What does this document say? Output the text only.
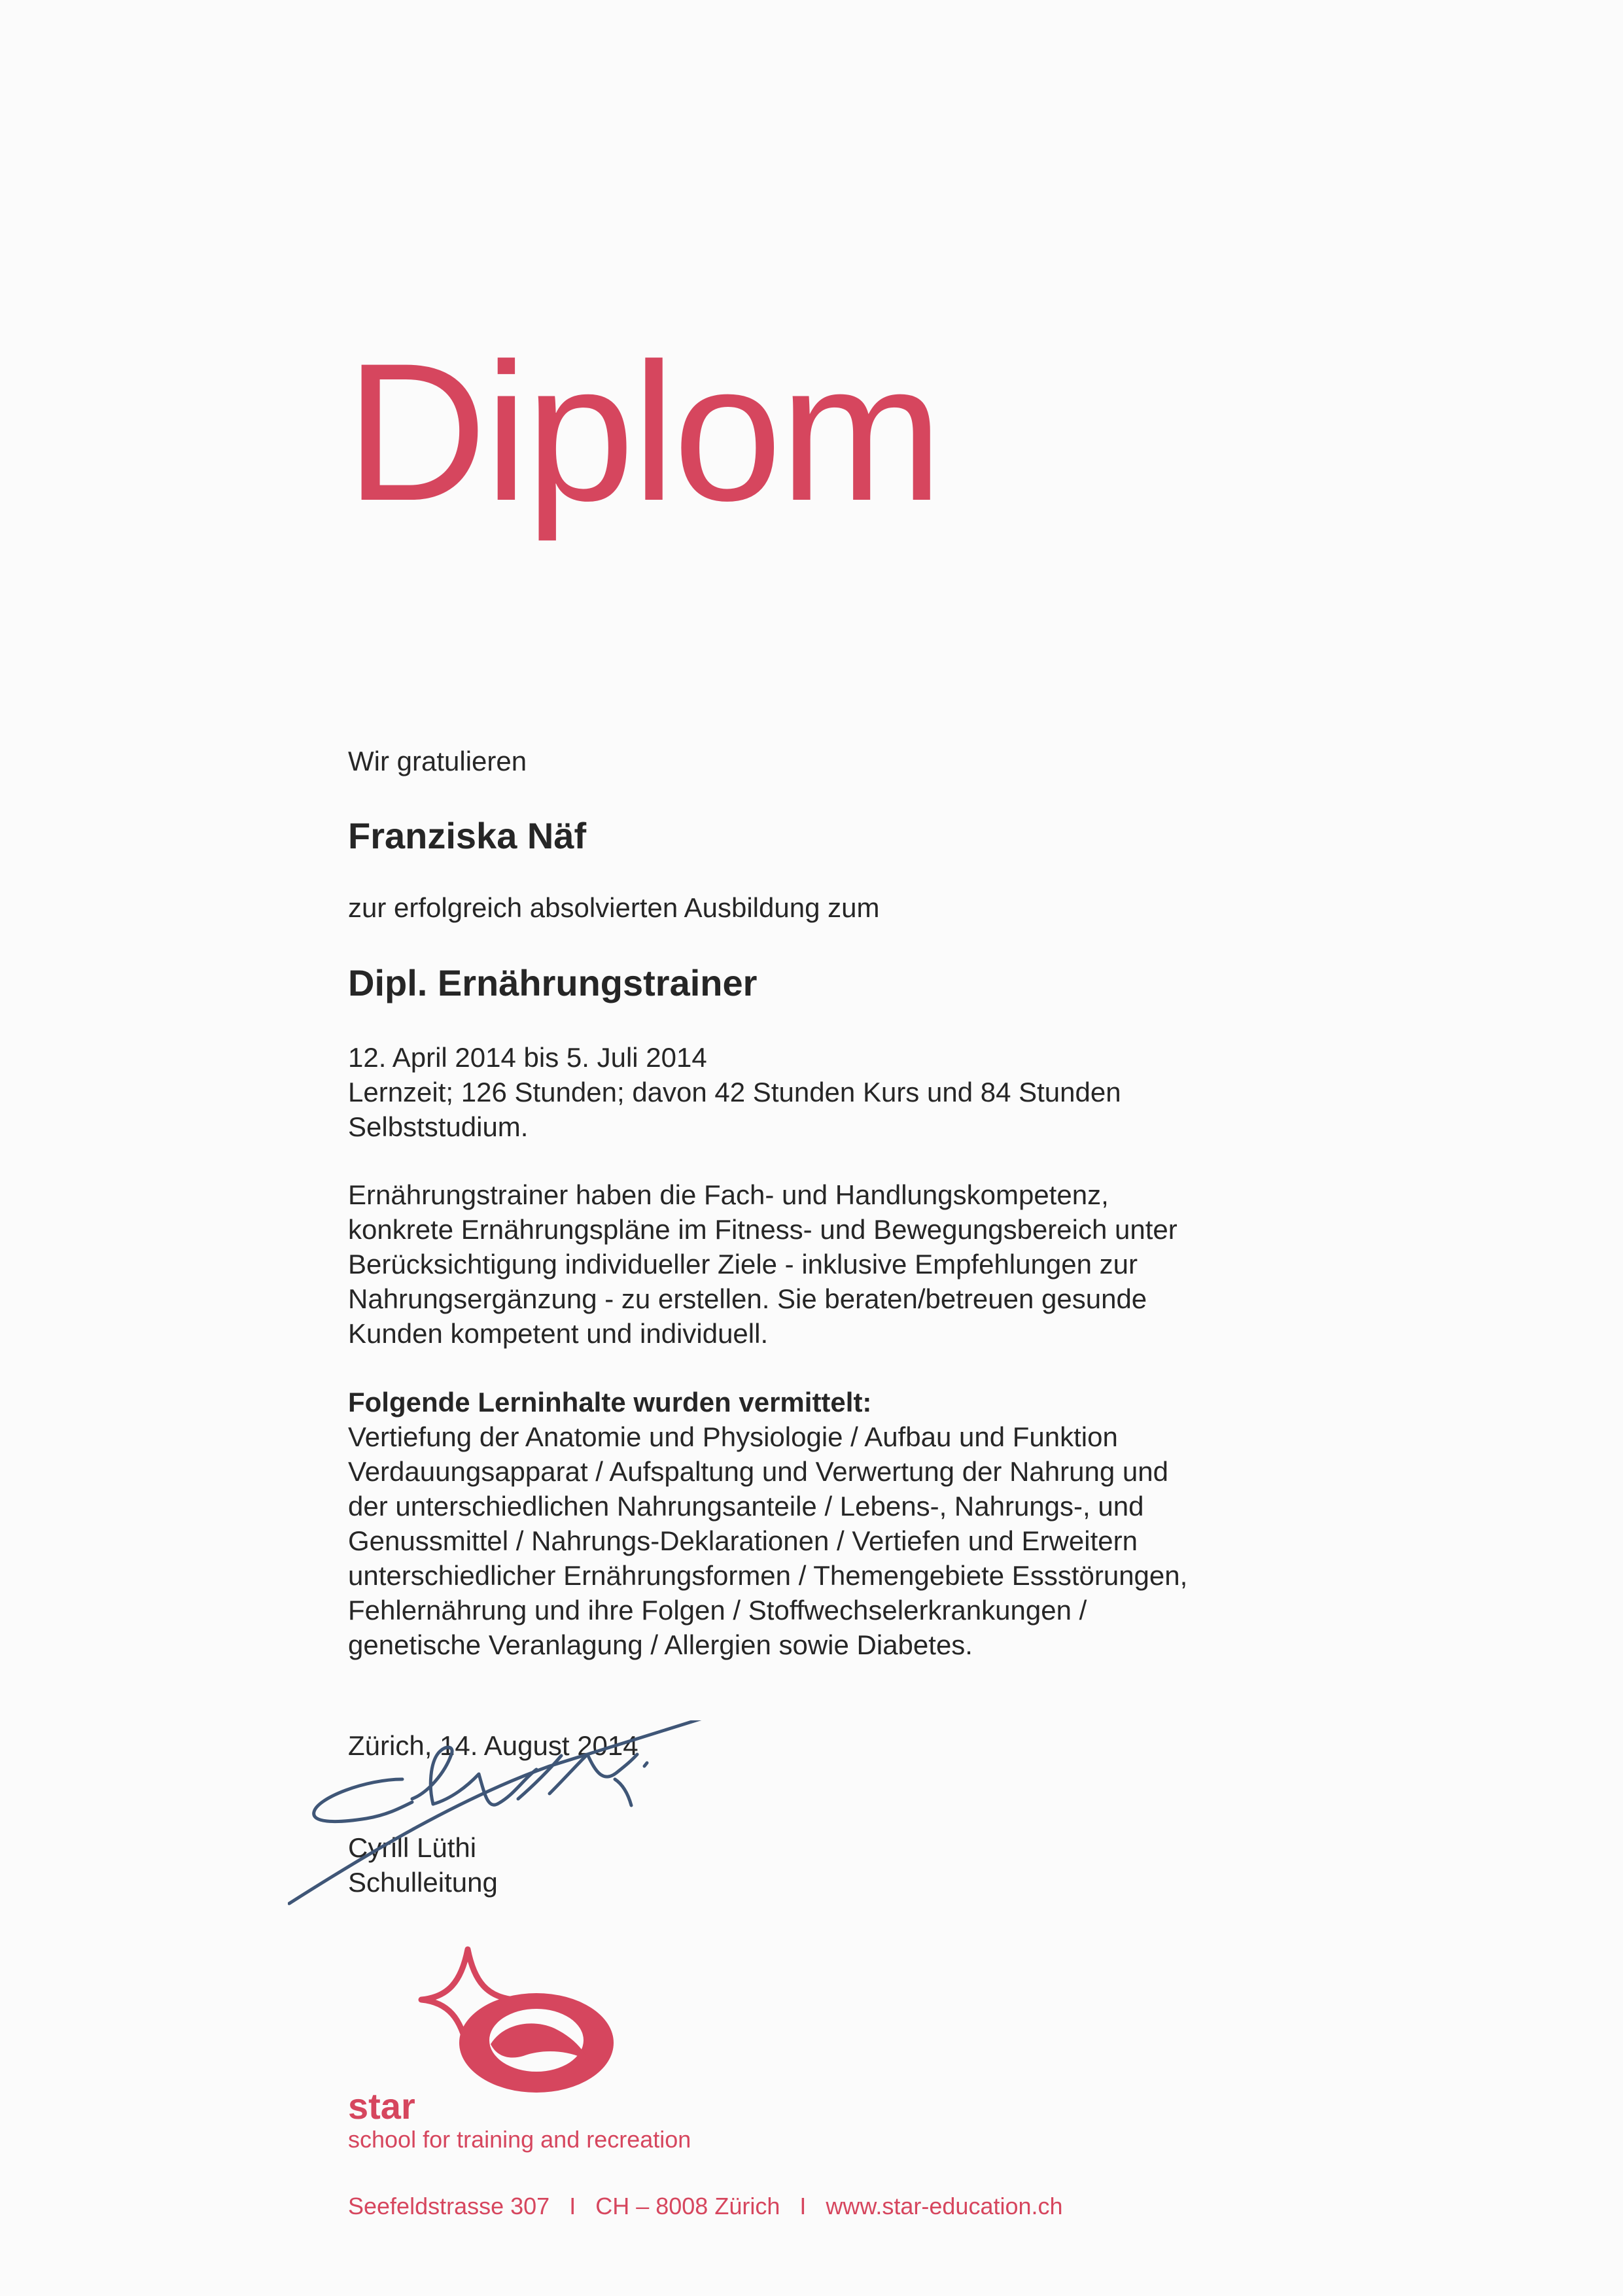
Diplom
Wir gratulieren
Franziska Näf
zur erfolgreich absolvierten Ausbildung zum
Dipl. Ernährungstrainer
12. April 2014 bis 5. Juli 2014
Lernzeit; 126 Stunden; davon 42 Stunden Kurs und 84 Stunden
Selbststudium.
Ernährungstrainer haben die Fach- und Handlungskompetenz,
konkrete Ernährungspläne im Fitness- und Bewegungsbereich unter
Berücksichtigung individueller Ziele - inklusive Empfehlungen zur
Nahrungsergänzung - zu erstellen. Sie beraten/betreuen gesunde
Kunden kompetent und individuell.
Folgende Lerninhalte wurden vermittelt:
Vertiefung der Anatomie und Physiologie / Aufbau und Funktion
Verdauungsapparat / Aufspaltung und Verwertung der Nahrung und
der unterschiedlichen Nahrungsanteile / Lebens-, Nahrungs-, und
Genussmittel / Nahrungs-Deklarationen / Vertiefen und Erweitern
unterschiedlicher Ernährungsformen / Themengebiete Essstörungen,
Fehlernährung und ihre Folgen / Stoffwechselerkrankungen /
genetische Veranlagung / Allergien sowie Diabetes.
Zürich, 14. August 2014
Cyrill Lüthi
Schulleitung
star
school for training and recreation
Seefeldstrasse 307 I CH – 8008 Zürich I www.star-education.ch
